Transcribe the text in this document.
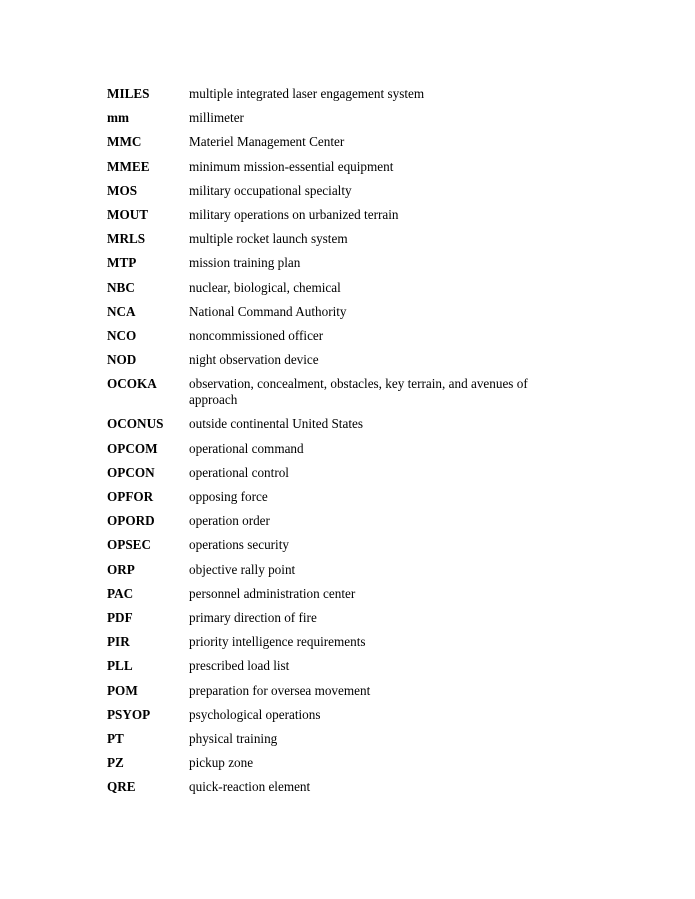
MILES	multiple integrated laser engagement system
mm	millimeter
MMC	Materiel Management Center
MMEE	minimum mission-essential equipment
MOS	military occupational specialty
MOUT	military operations on urbanized terrain
MRLS	multiple rocket launch system
MTP	mission training plan
NBC	nuclear, biological, chemical
NCA	National Command Authority
NCO	noncommissioned officer
NOD	night observation device
OCOKA	observation, concealment, obstacles, key terrain, and avenues of approach
OCONUS	outside continental United States
OPCOM	operational command
OPCON	operational control
OPFOR	opposing force
OPORD	operation order
OPSEC	operations security
ORP	objective rally point
PAC	personnel administration center
PDF	primary direction of fire
PIR	priority intelligence requirements
PLL	prescribed load list
POM	preparation for oversea movement
PSYOP	psychological operations
PT	physical training
PZ	pickup zone
QRE	quick-reaction element
